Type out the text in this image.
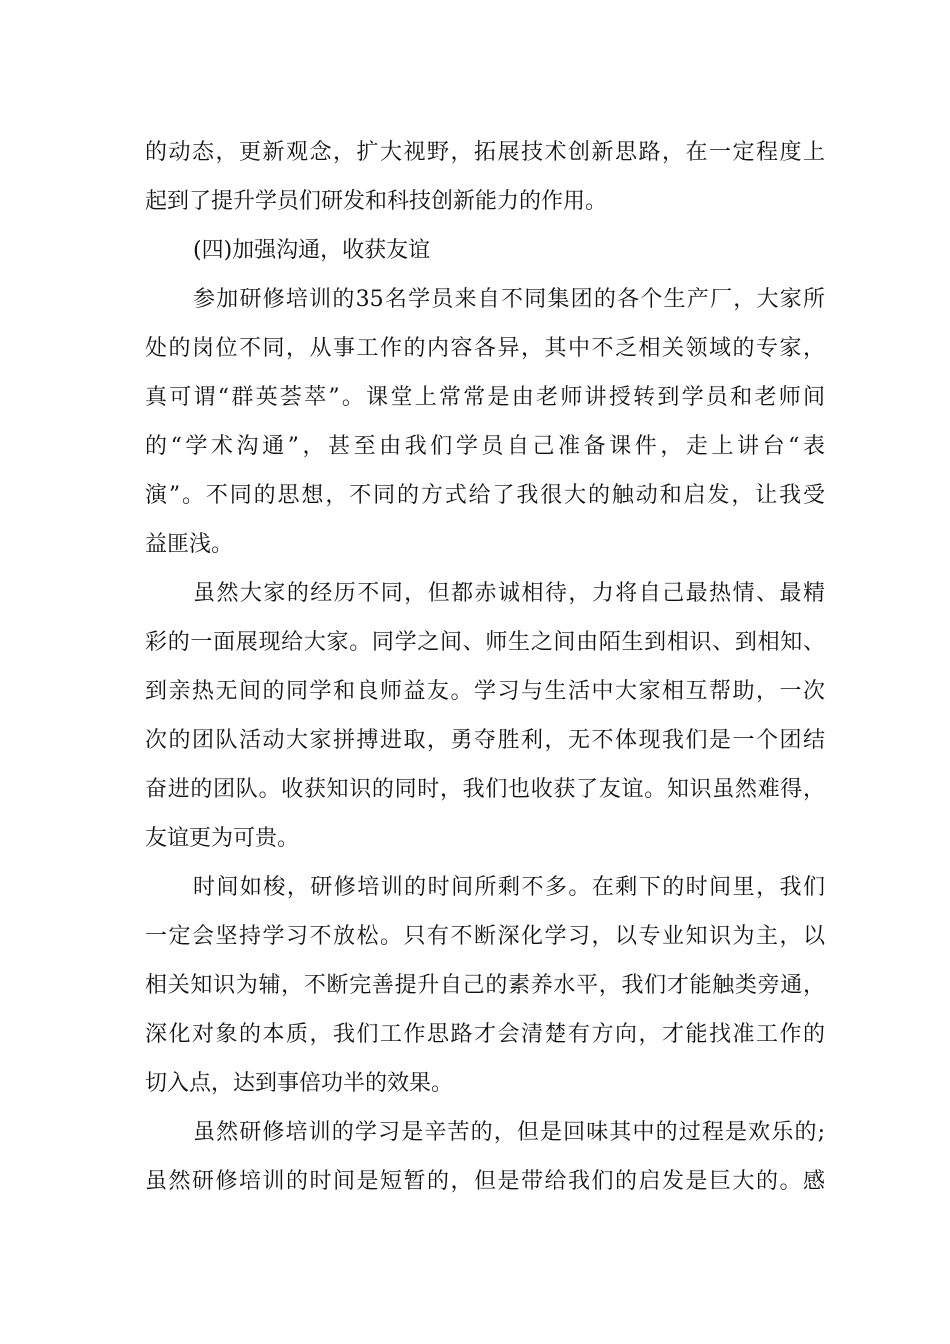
的动态，更新观念，扩大视野，拓展技术创新思路，在一定程度上
起到了提升学员们研发和科技创新能力的作用。
(四)加强沟通，收获友谊
参加研修培训的35名学员来自不同集团的各个生产厂，大家所
处的岗位不同，从事工作的内容各异，其中不乏相关领域的专家，
真可谓“群英荟萃”。课堂上常常是由老师讲授转到学员和老师间
的“学术沟通”，甚至由我们学员自己准备课件，走上讲台“表
演”。不同的思想，不同的方式给了我很大的触动和启发，让我受
益匪浅。
虽然大家的经历不同，但都赤诚相待，力将自己最热情、最精
彩的一面展现给大家。同学之间、师生之间由陌生到相识、到相知、
到亲热无间的同学和良师益友。学习与生活中大家相互帮助，一次
次的团队活动大家拼搏进取，勇夺胜利，无不体现我们是一个团结
奋进的团队。收获知识的同时，我们也收获了友谊。知识虽然难得，
友谊更为可贵。
时间如梭，研修培训的时间所剩不多。在剩下的时间里，我们
一定会坚持学习不放松。只有不断深化学习，以专业知识为主，以
相关知识为辅，不断完善提升自己的素养水平，我们才能触类旁通，
深化对象的本质，我们工作思路才会清楚有方向，才能找准工作的
切入点，达到事倍功半的效果。
虽然研修培训的学习是辛苦的，但是回味其中的过程是欢乐的;
虽然研修培训的时间是短暂的，但是带给我们的启发是巨大的。感
